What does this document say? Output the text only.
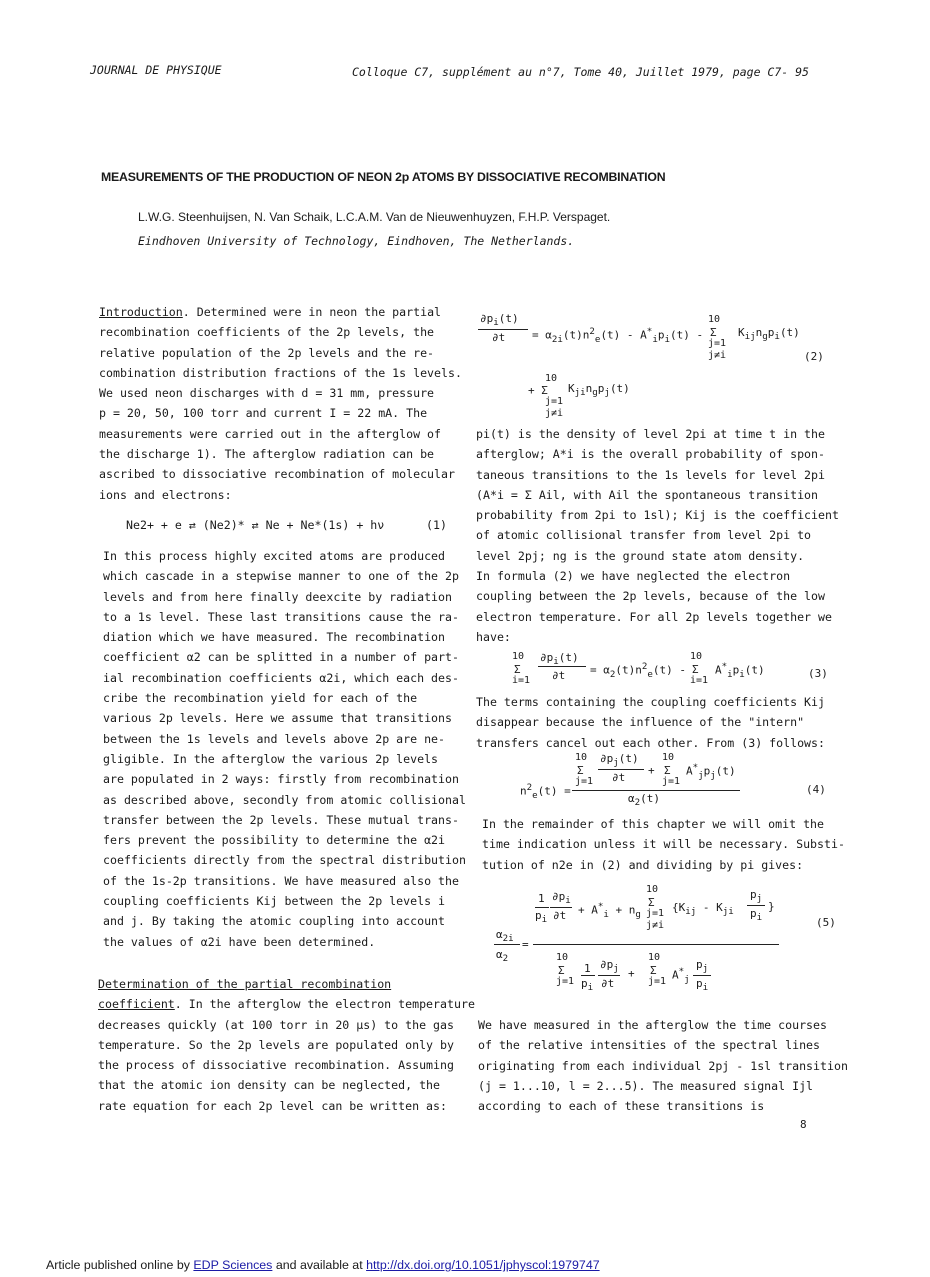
JOURNAL DE PHYSIQUE	Colloque C7, supplément au n°7, Tome 40, Juillet 1979, page C7- 95
MEASUREMENTS OF THE PRODUCTION OF NEON 2p ATOMS BY DISSOCIATIVE RECOMBINATION
L.W.G. Steenhuijsen, N. Van Schaik, L.C.A.M. Van de Nieuwenhuyzen, F.H.P. Verspaget.
Eindhoven University of Technology, Eindhoven, The Netherlands.
Introduction. Determined were in neon the partial
recombination coefficients of the 2p levels, the
relative population of the 2p levels and the re-
combination distribution fractions of the 1s levels.
We used neon discharges with d = 31 mm, pressure
p = 20, 50, 100 torr and current I = 22 mA. The
measurements were carried out in the afterglow of
the discharge 1). The afterglow radiation can be
ascribed to dissociative recombination of molecular
ions and electrons:
Ne2+ + e ⇄ (Ne2)* ⇄ Ne + Ne*(1s) + hν	(1)
In this process highly excited atoms are produced
which cascade in a stepwise manner to one of the 2p
levels and from here finally deexcite by radiation
to a 1s level. These last transitions cause the ra-
diation which we have measured. The recombination
coefficient α2 can be splitted in a number of part-
ial recombination coefficients α2i, which each des-
cribe the recombination yield for each of the
various 2p levels. Here we assume that transitions
between the 1s levels and levels above 2p are ne-
gligible. In the afterglow the various 2p levels
are populated in 2 ways: firstly from recombination
as described above, secondly from atomic collisional
transfer between the 2p levels. These mutual trans-
fers prevent the possibility to determine the α2i
coefficients directly from the spectral distribution
of the 1s-2p transitions. We have measured also the
coupling coefficients Kij between the 2p levels i
and j. By taking the atomic coupling into account
the values of α2i have been determined.
Determination of the partial recombination
coefficient. In the afterglow the electron temperature
decreases quickly (at 100 torr in 20 μs) to the gas
temperature. So the 2p levels are populated only by
the process of dissociative recombination. Assuming
that the atomic ion density can be neglected, the
rate equation for each 2p level can be written as:
$\partial p_i(t)$
$\partial t = \alpha_{2i}(t)n^2_e(t) - A^*_ip_i(t)$ -
10
Σ
j=1
j≠i
$K_{ij}n_gp_i(t)$
(2)
10
+ Σ
j=1
j≠i
$K_{ji}n_gp_j(t)$
pi(t) is the density of level 2pi at time t in the
afterglow; A*i is the overall probability of spon-
taneous transitions to the 1s levels for level 2pi
(A*i = Σ Ail, with Ail the spontaneous transition
probability from 2pi to 1sl); Kij is the coefficient
of atomic collisional transfer from level 2pi to
level 2pj; ng is the ground state atom density.
In formula (2) we have neglected the electron
coupling between the 2p levels, because of the low
electron temperature. For all 2p levels together we
have:
10
Σ
i=1
$\partial p_i(t)$
$\partial t = \alpha_2(t)n^2_e(t)$ -
10
Σ
i=1
$A^*_ip_i(t)$	(3)
The terms containing the coupling coefficients Kij
disappear because the influence of the "intern"
transfers cancel out each other. From (3) follows:
10
Σ
j=1
$\partial p_j(t)$
∂t
+
10
Σ
j=1
$A^*_jp_j(t)$
$n^2_e(t)$ =
$\alpha_2(t)$
(4)
In the remainder of this chapter we will omit the
time indication unless it will be necessary. Substi-
tution of n2e in (2) and dividing by pi gives:
1
$p_i$
$\partial p_i$
$\partial t + A^*_i + n_g$
10
Σ
j=1
j≠i
{$K_{ij} - K_{ji}$
$p_j$
$p_i$
}
$\alpha_{2i}$
$\alpha_2$
=
(5)
10
Σ
j=1
1
$p_i$
$\partial p_j$
∂t
+
10
Σ
j=1 $A^*_j$
$p_j$
$p_i$
We have measured in the afterglow the time courses
of the relative intensities of the spectral lines
originating from each individual 2pj - 1sl transition
(j = 1...10, l = 2...5). The measured signal Ijl
according to each of these transitions is
8
Article published online by EDP Sciences and available at http://dx.doi.org/10.1051/jphyscol:1979747
